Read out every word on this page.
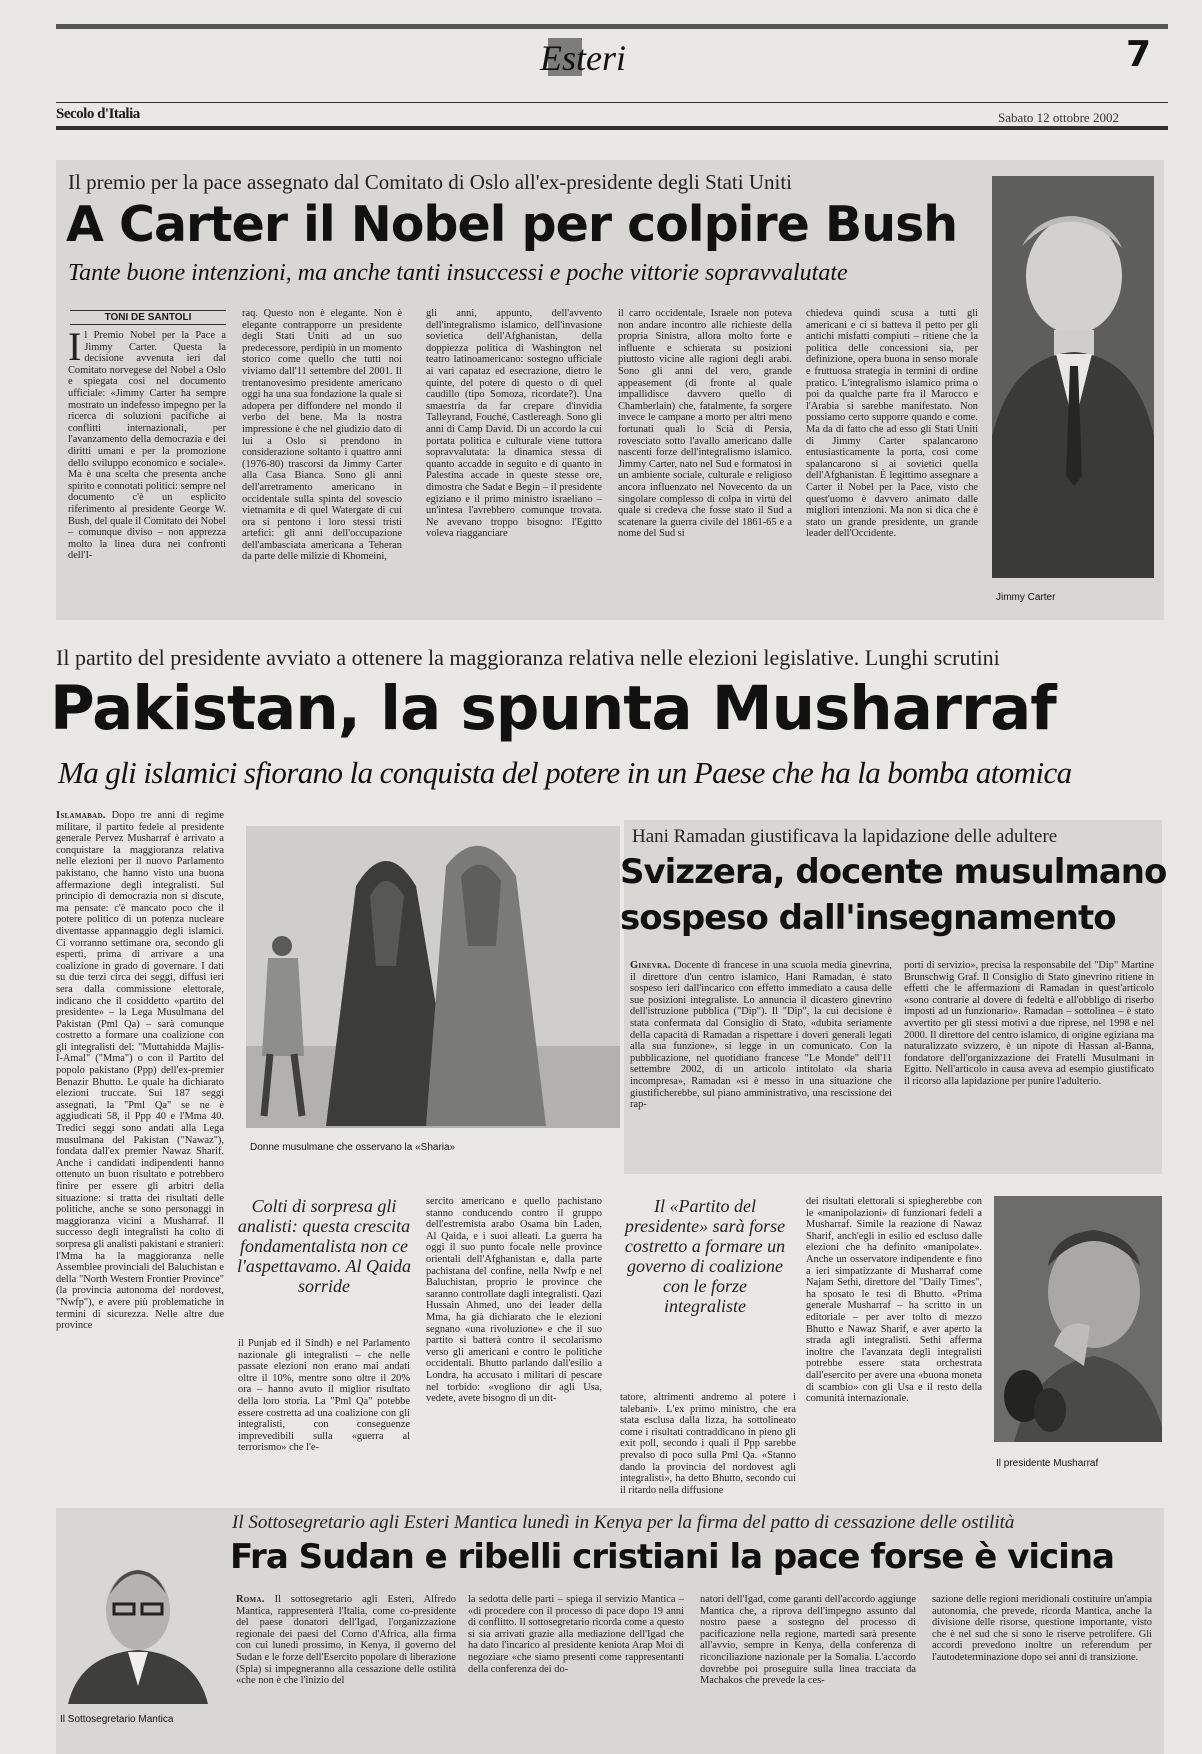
Esteri	7
Secolo d'Italia	Sabato 12 ottobre 2002
Il premio per la pace assegnato dal Comitato di Oslo all'ex-presidente degli Stati Uniti
A Carter il Nobel per colpire Bush
Tante buone intenzioni, ma anche tanti insuccessi e poche vittorie sopravvalutate
Jimmy Carter
TONI DE SANTOLI

Il Premio Nobel per la Pace a Jimmy Carter. Questa la decisione avvenuta ieri dal Comitato norvegese del Nobel a Oslo e spiegata così nel documento ufficiale: «Jimmy Carter ha sempre mostrato un indefesso impegno per la ricerca di soluzioni pacifiche ai conflitti internazionali, per l'avanzamento della democrazia e dei diritti umani e per la promozione dello sviluppo economico e sociale». Ma è una scelta che presenta anche spirito e connotati politici: sempre nel documento c'è un esplicito riferimento al presidente George W. Bush, del quale il Comitato dei Nobel – comunque diviso – non apprezza molto la linea dura nei confronti dell'I-

raq. Questo non è elegante. Non è elegante contrapporre un presidente degli Stati Uniti ad un suo predecessore, perdipiù in un momento storico come quello che tutti noi viviamo dall'11 settembre del 2001. Il trentanovesimo presidente americano oggi ha una sua fondazione la quale si adopera per diffondere nel mondo il verbo del bene. Ma la nostra impressione è che nel giudizio dato di lui a Oslo si prendono in considerazione soltanto i quattro anni (1976-80) trascorsi da Jimmy Carter alla Casa Bianca. Sono gli anni dell'arretramento americano in occidentale sulla spinta del sovescio vietnamita e di quel Watergate di cui ora si pentono i loro stessi tristi artefici: gli anni dell'occupazione dell'ambasciata americana a Teheran da parte delle milizie di Khomeini,

gli anni, appunto, dell'avvento dell'integralismo islamico, dell'invasione sovietica dell'Afghanistan, della doppiezza politica di Washington nel teatro latinoamericano: sostegno ufficiale ai vari capataz ed esecrazione, dietro le quinte, del potere di questo o di quel caudillo (tipo Somoza, ricordate?). Una smaestria da far crepare d'invidia Talleyrand, Fouché, Castlereagh. Sono gli anni di Camp David. Di un accordo la cui portata politica e culturale viene tuttora sopravvalutata: la dinamica stessa di quanto accadde in seguito e di quanto in Palestina accade in queste stesse ore, dimostra che Sadat e Begin – il presidente egiziano e il primo ministro israeliano – un'intesa l'avrebbero comunque trovata. Ne avevano troppo bisogno: l'Egitto voleva riagganciare

il carro occidentale, Israele non poteva non andare incontro alle richieste della propria Sinistra, allora molto forte e influente e schierata su posizioni piuttosto vicine alle ragioni degli arabi. Sono gli anni del vero, grande appeasement (di fronte al quale impallidisce davvero quello di Chamberlain) che, fatalmente, fa sorgere invece le campane a morto per altri meno fortunati quali lo Scià di Persia, rovesciato sotto l'avallo americano dalle nascenti forze dell'integralismo islamico. Jimmy Carter, nato nel Sud e formatosi in un ambiente sociale, culturale e religioso ancora influenzato nel Novecento da un singolare complesso di colpa in virtù del quale si credeva che fosse stato il Sud a scatenare la guerra civile del 1861-65 e a nome del Sud si

chiedeva quindi scusa a tutti gli americani e ci si batteva il petto per gli antichi misfatti compiuti – ritiene che la politica delle concessioni sia, per definizione, opera buona in senso morale e fruttuosa strategia in termini di ordine pratico. L'integralismo islamico prima o poi da qualche parte fra il Marocco e l'Arabia si sarebbe manifestato. Non possiamo certo supporre quando e come. Ma da di fatto che ad esso gli Stati Uniti di Jimmy Carter spalancarono entusiasticamente la porta, così come spalancarono sì ai sovietici quella dell'Afghanistan. È legittimo assegnare a Carter il Nobel per la Pace, visto che quest'uomo è davvero animato dalle migliori intenzioni. Ma non si dica che è stato un grande presidente, un grande leader dell'Occidente.

Il partito del presidente avviato a ottenere la maggioranza relativa nelle elezioni legislative. Lunghi scrutini
Pakistan, la spunta Musharraf
Ma gli islamici sfiorano la conquista del potere in un Paese che ha la bomba atomica

Islamabad. Dopo tre anni di regime militare, il partito fedele al presidente generale Pervez Musharraf è arrivato a conquistare la maggioranza relativa nelle elezioni per il nuovo Parlamento pakistano, che hanno visto una buona affermazione degli integralisti. Sul principio di democrazia non si discute, ma pensate: c'è mancato poco che il potere politico di un potenza nucleare diventasse appannaggio degli islamici. Ci vorranno settimane ora, secondo gli esperti, prima di arrivare a una coalizione in grado di governare. I dati su due terzi circa dei seggi, diffusi ieri sera dalla commissione elettorale, indicano che il cosiddetto «partito del presidente» – la Lega Musulmana del Pakistan (Pml Qa) – sarà comunque costretto a formare una coalizione con gli integralisti del: "Muttahidda Majlis-I-Amal" ("Mma") o con il Partito del popolo pakistano (Ppp) dell'ex-premier Benazir Bhutto. Le quale ha dichiarato elezioni truccate. Sui 187 seggi assegnati, la "Pml Qa" se ne è aggiudicati 58, il Ppp 40 e l'Mma 40. Tredici seggi sono andati alla Lega musulmana del Pakistan ("Nawaz"), fondata dall'ex premier Nawaz Sharif. Anche i candidati indipendenti hanno ottenuto un buon risultato e potrebbero finire per essere gli arbitri della situazione: si tratta dei risultati delle politiche, anche se sono personaggi in maggioranza vicini a Musharraf. Il successo degli integralisti ha colto di sorpresa gli analisti pakistani e stranieri: l'Mma ha la maggioranza nelle Assemblee provinciali del Baluchistan e della "North Western Frontier Province" (la provincia autonoma del nordovest, "Nwfp"), e avere più problematiche in termini di sicurezza. Nelle altre due province

Donne musulmane che osservano la «Sharia»
Colti di sorpresa gli analisti: questa crescita fondamentalista non ce l'aspettavamo. Al Qaida sorride

il Punjab ed il Sindh) e nel Parlamento nazionale gli integralisti – che nelle passate elezioni non erano mai andati oltre il 10%, mentre sono oltre il 20% ora – hanno avuto il miglior risultato della loro storia. La "Pml Qa" potebbe essere costretta ad una coalizione con gli integralisti, con conseguenze imprevedibili sulla «guerra al terrorismo» che l'e-

sercito americano e quello pachistano stanno conducendo contro il gruppo dell'estremista arabo Osama bin Laden, Al Qaida, e i suoi alleati. La guerra ha oggi il suo punto focale nelle province orientali dell'Afghanistan e, dalla parte pachistana del confine, nella Nwfp e nel Baluchistan, proprio le province che saranno controllate dagli integralisti. Qazi Hussain Ahmed, uno dei leader della Mma, ha già dichiarato che le elezioni segnano «una rivoluzione» e che il suo partito si batterà contro il secolarismo verso gli americani e contro le politiche occidentali. Bhutto parlando dall'esilio a Londra, ha accusato i militari di pescare nel torbido: «vogliono dir agli Usa, vedete, avete bisogno di un dit-

Il «Partito del presidente» sarà forse costretto a formare un governo di coalizione con le forze integraliste

tatore, altrimenti andremo al potere i talebani». L'ex primo ministro, che era stata esclusa dalla lizza, ha sottolineato come i risultati contraddicano in pieno gli exit poll, secondo i quali il Ppp sarebbe prevalso di poco sulla Pml Qa. «Stanno dando la provincia del nordovest agli integralisti», ha detto Bhutto, secondo cui il ritardo nella diffusione

dei risultati elettorali si spiegherebbe con le «manipolazioni» di funzionari fedeli a Musharraf. Simile la reazione di Nawaz Sharif, anch'egli in esilio ed escluso dalle elezioni che ha definito «manipolate». Anche un osservatore indipendente e fino a ieri simpatizzante di Musharraf come Najam Sethi, direttore del "Daily Times", ha sposato le tesi di Bhutto. «Prima generale Musharraf – ha scritto in un editoriale – per aver tolto di mezzo Bhutto e Nawaz Sharif, e aver aperto la strada agli integralisti. Sethi afferma inoltre che l'avanzata degli integralisti potrebbe essere stata orchestrata dall'esercito per avere una «buona moneta di scambio» con gli Usa e il resto della comunità internazionale.

Il presidente Musharraf
Hani Ramadan giustificava la lapidazione delle adultere
Svizzera, docente musulmano
sospeso dall'insegnamento

Ginevra. Docente di francese in una scuola media ginevrina, il direttore d'un centro islamico, Hani Ramadan, è stato sospeso ieri dall'incarico con effetto immediato a causa delle sue posizioni integraliste. Lo annuncia il dicastero ginevrino dell'istruzione pubblica ("Dip"). Il "Dip", la cui decisione è stata confermata dal Consiglio di Stato, «dubita seriamente della capacità di Ramadan a rispettare i doveri generali legati alla sua funzione», si legge in un comunicato. Con la pubblicazione, nel quotidiano francese "Le Monde" dell'11 settembre 2002, di un articolo intitolato «la sharia incompresa», Ramadan «si è messo in una situazione che giustificherebbe, sul piano amministrativo, una rescissione dei rap-

porti di servizio», precisa la responsabile del "Dip" Martine Brunschwig Graf. Il Consiglio di Stato ginevrino ritiene in effetti che le affermazioni di Ramadan in quest'articolo «sono contrarie al dovere di fedeltà e all'obbligo di riserbo imposti ad un funzionario». Ramadan – sottolinea – è stato avvertito per gli stessi motivi a due riprese, nel 1998 e nel 2000. Il direttore del centro islamico, di origine egiziana ma naturalizzato svizzero, è un nipote di Hassan al-Banna, fondatore dell'organizzazione dei Fratelli Musulmani in Egitto. Nell'articolo in causa aveva ad esempio giustificato il ricorso alla lapidazione per punire l'adulterio.

Il Sottosegretario Mantica
Il Sottosegretario agli Esteri Mantica lunedì in Kenya per la firma del patto di cessazione delle ostilità
Fra Sudan e ribelli cristiani la pace forse è vicina

Roma. Il sottosegretario agli Esteri, Alfredo Mantica, rappresenterà l'Italia, come co-presidente del paese donatori dell'Igad, l'organizzazione regionale dei paesi del Corno d'Africa, alla firma con cui lunedì prossimo, in Kenya, il governo del Sudan e le forze dell'Esercito popolare di liberazione (Spla) si impegneranno alla cessazione delle ostilità «che non è che l'inizio del

la sedotta delle parti – spiega il servizio Mantica – «di procedere con il processo di pace dopo 19 anni di conflitto. Il sottosegretario ricorda come a questo si sia arrivati grazie alla mediazione dell'Igad che ha dato l'incarico al presidente keniota Arap Moi di negoziare «che siamo presenti come rappresentanti della conferenza dei do-

natori dell'Igad, come garanti dell'accordo aggiunge Mantica che, a riprova dell'impegno assunto dal nostro paese a sostegno del processo di pacificazione nella regione, martedì sarà presente all'avvio, sempre in Kenya, della conferenza di riconciliazione nazionale per la Somalia. L'accordo dovrebbe poi proseguire sulla linea tracciata da Machakos che prevede la ces-

sazione delle regioni meridionali costituire un'ampia autonomia, che prevede, ricorda Mantica, anche la divisione delle risorse, questione importante, visto che è nel sud che si sono le riserve petrolifere. Gli accordi prevedono inoltre un referendum per l'autodeterminazione dopo sei anni di transizione.
